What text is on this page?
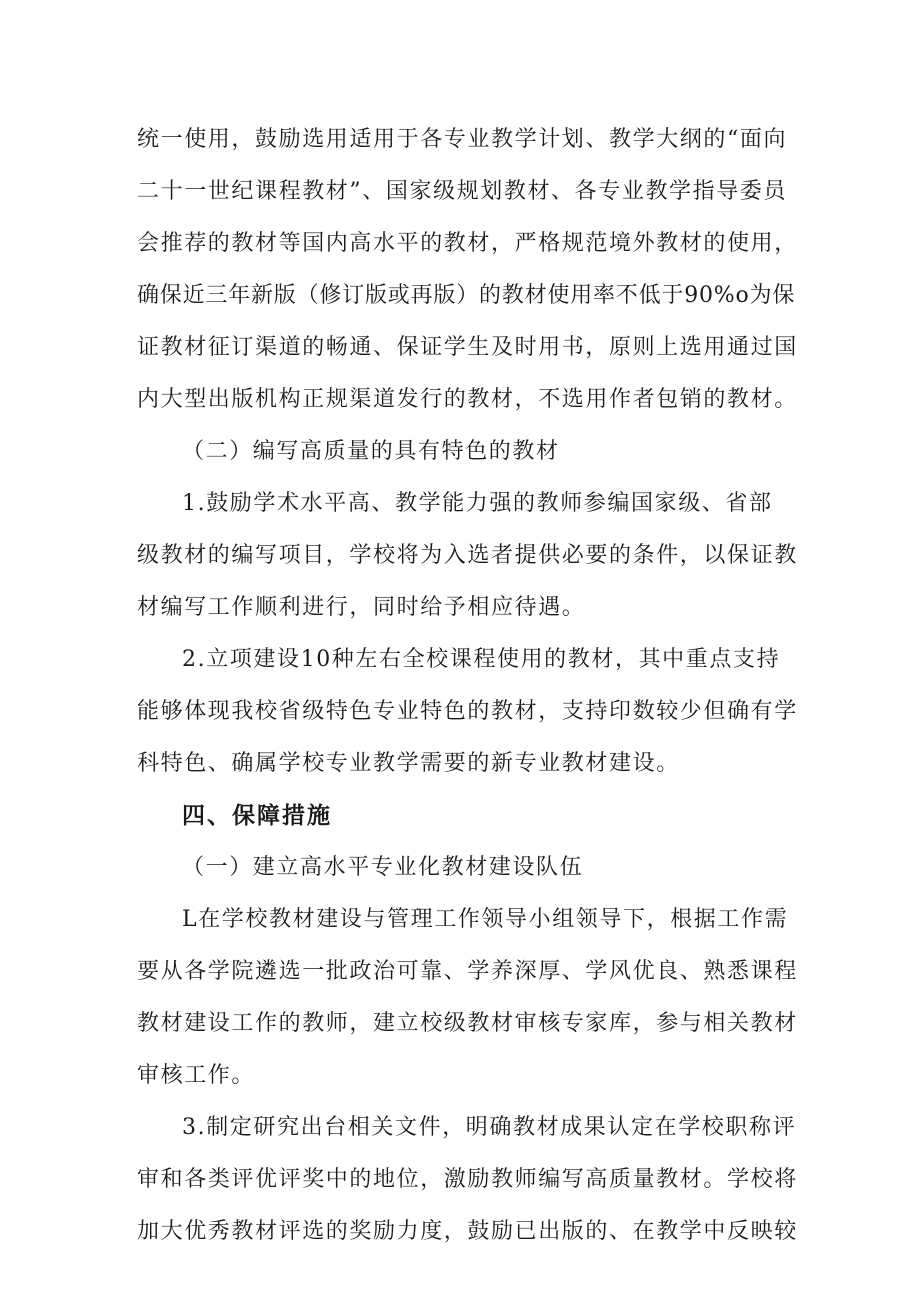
统一使用，鼓励选用适用于各专业教学计划、教学大纲的“面向
二十一世纪课程教材”、国家级规划教材、各专业教学指导委员
会推荐的教材等国内高水平的教材，严格规范境外教材的使用，
确保近三年新版（修订版或再版）的教材使用率不低于90%o为保
证教材征订渠道的畅通、保证学生及时用书，原则上选用通过国
内大型出版机构正规渠道发行的教材，不选用作者包销的教材。
（二）编写高质量的具有特色的教材
1.鼓励学术水平高、教学能力强的教师参编国家级、省部
级教材的编写项目，学校将为入选者提供必要的条件，以保证教
材编写工作顺利进行，同时给予相应待遇。
2.立项建设10种左右全校课程使用的教材，其中重点支持
能够体现我校省级特色专业特色的教材，支持印数较少但确有学
科特色、确属学校专业教学需要的新专业教材建设。
四、保障措施
（一）建立高水平专业化教材建设队伍
L在学校教材建设与管理工作领导小组领导下，根据工作需
要从各学院遴选一批政治可靠、学养深厚、学风优良、熟悉课程
教材建设工作的教师，建立校级教材审核专家库，参与相关教材
审核工作。
3.制定研究出台相关文件，明确教材成果认定在学校职称评
审和各类评优评奖中的地位，激励教师编写高质量教材。学校将
加大优秀教材评选的奖励力度，鼓励已出版的、在教学中反映较
